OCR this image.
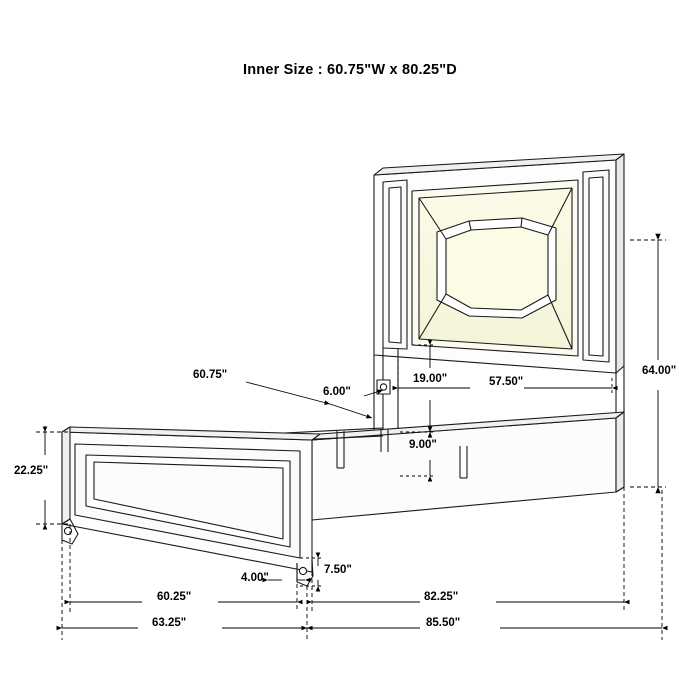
Inner Size : 60.75"W x 80.25"D
64.00"
60.75"
6.00"
19.00"	57.50"
9.00"
22.25"
4.00"
7.50"
60.25"	82.25"
63.25"	85.50"
